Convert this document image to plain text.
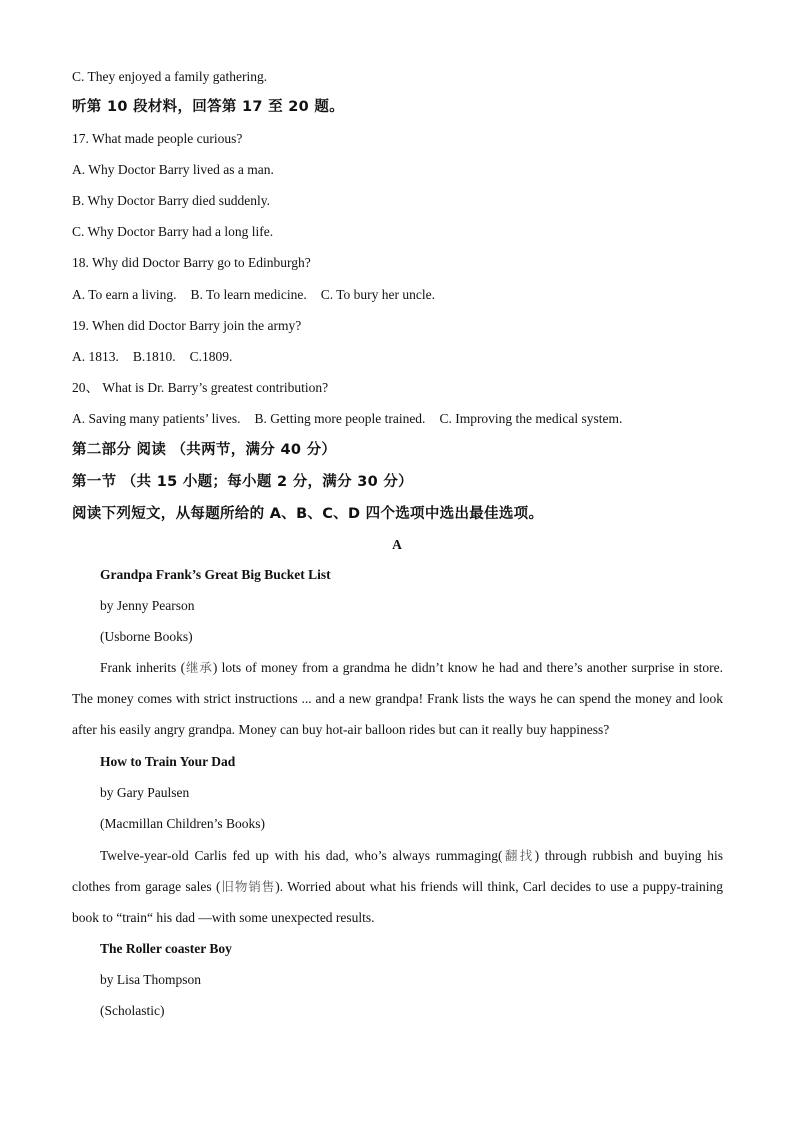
C. They enjoyed a family gathering.
听第 10 段材料，回答第 17 至 20 题。
17. What made people curious?
A. Why Doctor Barry lived as a man.
B. Why Doctor Barry died suddenly.
C. Why Doctor Barry had a long life.
18. Why did Doctor Barry go to Edinburgh?
A. To earn a living. B. To learn medicine. C. To bury her uncle.
19. When did Doctor Barry join the army?
A. 1813. B.1810. C.1809.
20、 What is Dr. Barry’s greatest contribution?
A. Saving many patients’ lives. B. Getting more people trained. C. Improving the medical system.
第二部分 阅读 （共两节，满分 40 分）
第一节 （共 15 小题；每小题 2 分，满分 30 分）
阅读下列短文，从每题所给的 A、B、C、D 四个选项中选出最佳选项。
A
Grandpa Frank’s Great Big Bucket List
by Jenny Pearson
(Usborne Books)
Frank inherits (继承) lots of money from a grandma he didn’t know he had and there’s another surprise in store. The money comes with strict instructions ... and a new grandpa! Frank lists the ways he can spend the money and look after his easily angry grandpa. Money can buy hot-air balloon rides but can it really buy happiness?
How to Train Your Dad
by Gary Paulsen
(Macmillan Children’s Books)
Twelve-year-old Carlis fed up with his dad, who’s always rummaging(翻找) through rubbish and buying his clothes from garage sales (旧物销售). Worried about what his friends will think, Carl decides to use a puppy-training book to “train“ his dad —with some unexpected results.
The Roller coaster Boy
by Lisa Thompson
(Scholastic)
